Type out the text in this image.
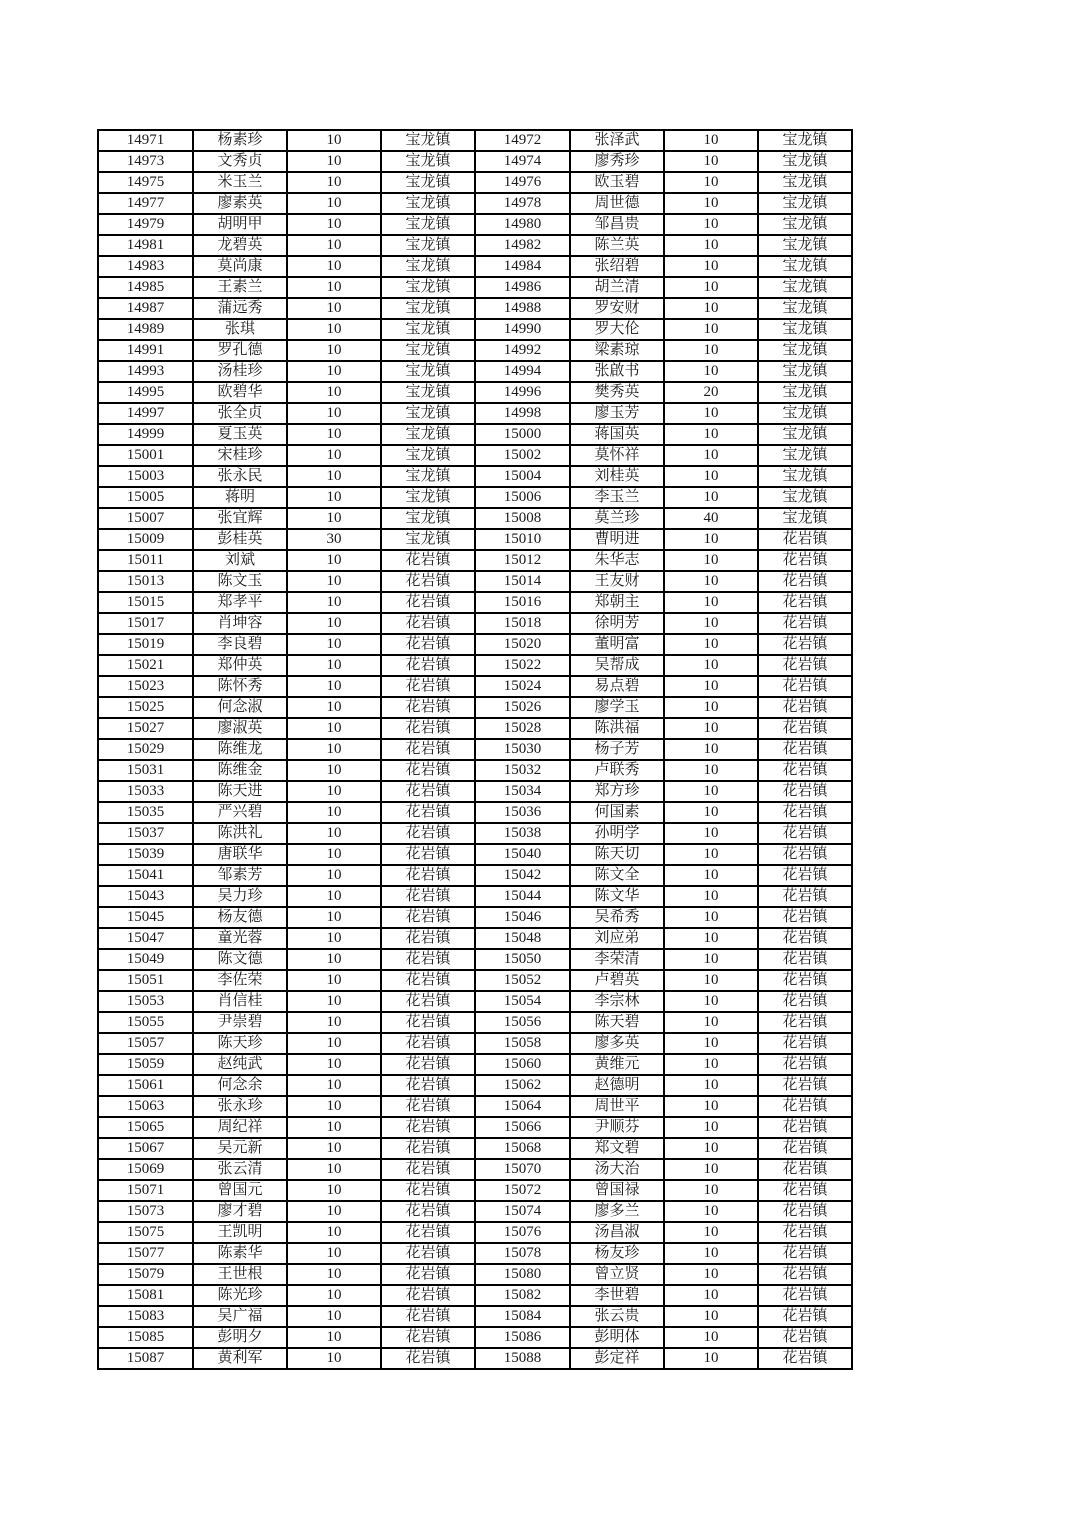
14971	杨素珍	10	宝龙镇	14972	张泽武	10	宝龙镇
14973	文秀贞	10	宝龙镇	14974	廖秀珍	10	宝龙镇
14975	米玉兰	10	宝龙镇	14976	欧玉碧	10	宝龙镇
14977	廖素英	10	宝龙镇	14978	周世德	10	宝龙镇
14979	胡明甲	10	宝龙镇	14980	邹昌贵	10	宝龙镇
14981	龙碧英	10	宝龙镇	14982	陈兰英	10	宝龙镇
14983	莫尚康	10	宝龙镇	14984	张绍碧	10	宝龙镇
14985	王素兰	10	宝龙镇	14986	胡兰清	10	宝龙镇
14987	蒲远秀	10	宝龙镇	14988	罗安财	10	宝龙镇
14989	张琪	10	宝龙镇	14990	罗大伦	10	宝龙镇
14991	罗孔德	10	宝龙镇	14992	梁素琼	10	宝龙镇
14993	汤桂珍	10	宝龙镇	14994	张啟书	10	宝龙镇
14995	欧碧华	10	宝龙镇	14996	樊秀英	20	宝龙镇
14997	张全贞	10	宝龙镇	14998	廖玉芳	10	宝龙镇
14999	夏玉英	10	宝龙镇	15000	蒋国英	10	宝龙镇
15001	宋桂珍	10	宝龙镇	15002	莫怀祥	10	宝龙镇
15003	张永民	10	宝龙镇	15004	刘桂英	10	宝龙镇
15005	蒋明	10	宝龙镇	15006	李玉兰	10	宝龙镇
15007	张宜辉	10	宝龙镇	15008	莫兰珍	40	宝龙镇
15009	彭桂英	30	宝龙镇	15010	曹明进	10	花岩镇
15011	刘斌	10	花岩镇	15012	朱华志	10	花岩镇
15013	陈文玉	10	花岩镇	15014	王友财	10	花岩镇
15015	郑孝平	10	花岩镇	15016	郑朝主	10	花岩镇
15017	肖坤容	10	花岩镇	15018	徐明芳	10	花岩镇
15019	李良碧	10	花岩镇	15020	董明富	10	花岩镇
15021	郑仲英	10	花岩镇	15022	吴帮成	10	花岩镇
15023	陈怀秀	10	花岩镇	15024	易点碧	10	花岩镇
15025	何念淑	10	花岩镇	15026	廖学玉	10	花岩镇
15027	廖淑英	10	花岩镇	15028	陈洪福	10	花岩镇
15029	陈维龙	10	花岩镇	15030	杨子芳	10	花岩镇
15031	陈维金	10	花岩镇	15032	卢联秀	10	花岩镇
15033	陈天进	10	花岩镇	15034	郑方珍	10	花岩镇
15035	严兴碧	10	花岩镇	15036	何国素	10	花岩镇
15037	陈洪礼	10	花岩镇	15038	孙明学	10	花岩镇
15039	唐联华	10	花岩镇	15040	陈天切	10	花岩镇
15041	邹素芳	10	花岩镇	15042	陈文全	10	花岩镇
15043	吴力珍	10	花岩镇	15044	陈文华	10	花岩镇
15045	杨友德	10	花岩镇	15046	吴希秀	10	花岩镇
15047	童光蓉	10	花岩镇	15048	刘应弟	10	花岩镇
15049	陈文德	10	花岩镇	15050	李荣清	10	花岩镇
15051	李佐荣	10	花岩镇	15052	卢碧英	10	花岩镇
15053	肖信桂	10	花岩镇	15054	李宗林	10	花岩镇
15055	尹崇碧	10	花岩镇	15056	陈天碧	10	花岩镇
15057	陈天珍	10	花岩镇	15058	廖多英	10	花岩镇
15059	赵纯武	10	花岩镇	15060	黄维元	10	花岩镇
15061	何念余	10	花岩镇	15062	赵德明	10	花岩镇
15063	张永珍	10	花岩镇	15064	周世平	10	花岩镇
15065	周纪祥	10	花岩镇	15066	尹顺芬	10	花岩镇
15067	吴元新	10	花岩镇	15068	郑文碧	10	花岩镇
15069	张云清	10	花岩镇	15070	汤大治	10	花岩镇
15071	曾国元	10	花岩镇	15072	曾国禄	10	花岩镇
15073	廖才碧	10	花岩镇	15074	廖多兰	10	花岩镇
15075	王凯明	10	花岩镇	15076	汤昌淑	10	花岩镇
15077	陈素华	10	花岩镇	15078	杨友珍	10	花岩镇
15079	王世根	10	花岩镇	15080	曾立贤	10	花岩镇
15081	陈光珍	10	花岩镇	15082	李世碧	10	花岩镇
15083	吴广福	10	花岩镇	15084	张云贵	10	花岩镇
15085	彭明夕	10	花岩镇	15086	彭明体	10	花岩镇
15087	黄利军	10	花岩镇	15088	彭定祥	10	花岩镇
